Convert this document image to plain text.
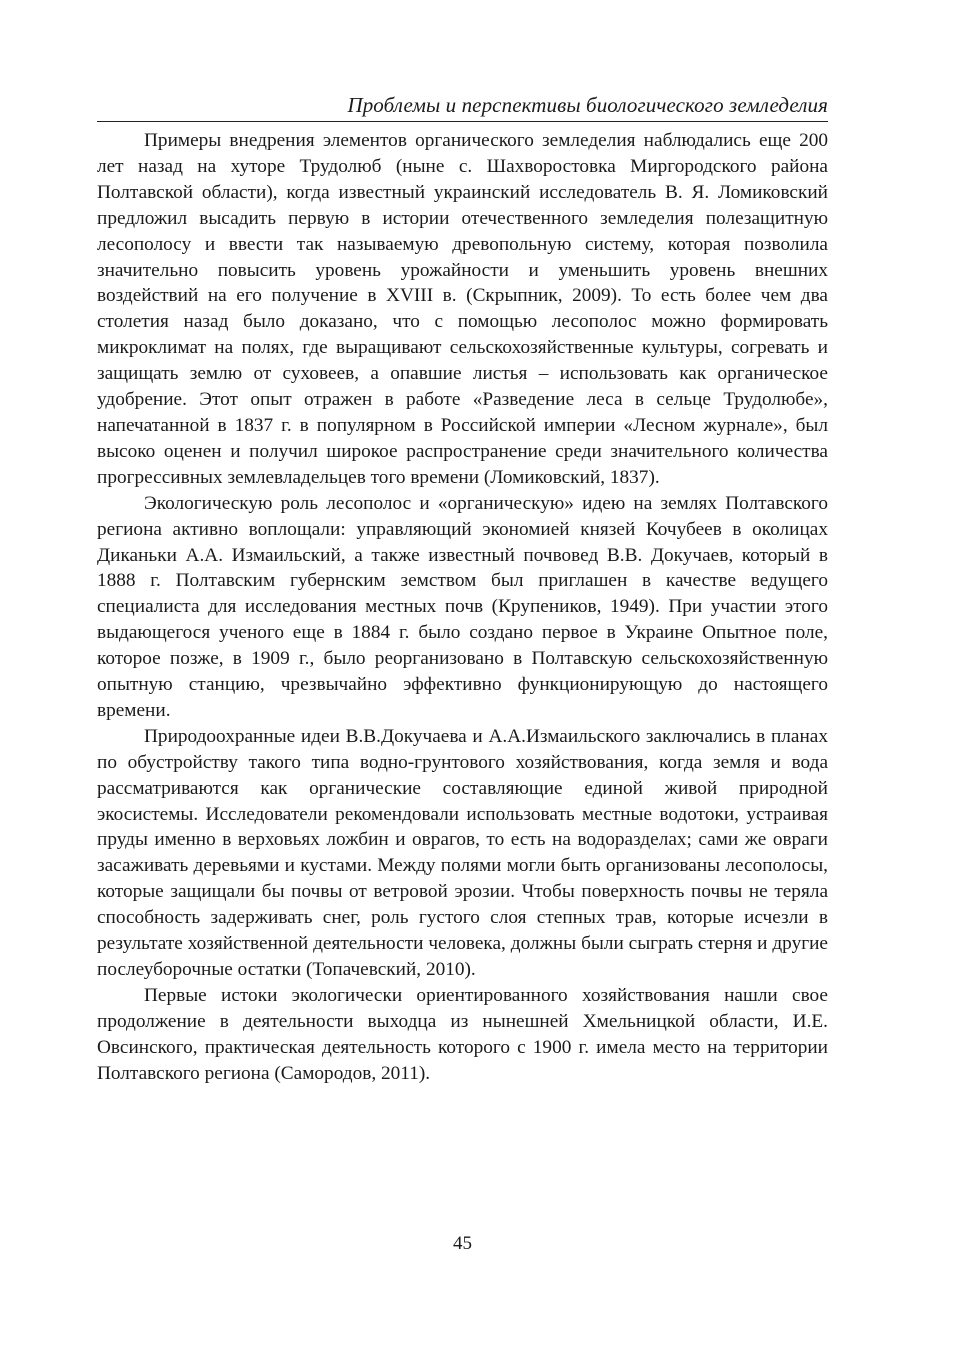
Проблемы и перспективы биологического земледелия

Примеры внедрения элементов органического земледелия наблюдались еще 200 лет назад на хуторе Трудолюб (ныне с. Шахворостовка Миргородского района Полтавской области), когда известный украинский исследователь В. Я. Ломиковский предложил высадить первую в истории отечественного земледелия полезащитную лесополосу и ввести так называемую древопольную систему, которая позволила значительно повысить уровень урожайности и уменьшить уровень внешних воздействий на его получение в XVIII в. (Скрыпник, 2009). То есть более чем два столетия назад было доказано, что с помощью лесополос можно формировать микроклимат на полях, где выращивают сельскохозяйственные культуры, согревать и защищать землю от суховеев, а опавшие листья – использовать как органическое удобрение. Этот опыт отражен в работе «Разведение леса в сельце Трудолюбе», напечатанной в 1837 г. в популярном в Российской империи «Лесном журнале», был высоко оценен и получил широкое распространение среди значительного количества прогрессивных землевладельцев того времени (Ломиковский, 1837).

Экологическую роль лесополос и «органическую» идею на землях Полтавского региона активно воплощали: управляющий экономией князей Кочубеев в околицах Диканьки А.А. Измаильский, а также известный почвовед В.В. Докучаев, который в 1888 г. Полтавским губернским земством был приглашен в качестве ведущего специалиста для исследования местных почв (Крупеников, 1949). При участии этого выдающегося ученого еще в 1884 г. было создано первое в Украине Опытное поле, которое позже, в 1909 г., было реорганизовано в Полтавскую сельскохозяйственную опытную станцию, чрезвычайно эффективно функционирующую до настоящего времени.

Природоохранные идеи В.В.Докучаева и А.А.Измаильского заключались в планах по обустройству такого типа водно-грунтового хозяйствования, когда земля и вода рассматриваются как органические составляющие единой живой природной экосистемы. Исследователи рекомендовали использовать местные водотоки, устраивая пруды именно в верховьях ложбин и оврагов, то есть на водоразделах; сами же овраги засаживать деревьями и кустами. Между полями могли быть организованы лесополосы, которые защищали бы почвы от ветровой эрозии. Чтобы поверхность почвы не теряла способность задерживать снег, роль густого слоя степных трав, которые исчезли в результате хозяйственной деятельности человека, должны были сыграть стерня и другие послеуборочные остатки (Топачевский, 2010).

Первые истоки экологически ориентированного хозяйствования нашли свое продолжение в деятельности выходца из нынешней Хмельницкой области, И.Е. Овсинского, практическая деятельность которого с 1900 г. имела место на территории Полтавского региона (Самородов, 2011).

45
